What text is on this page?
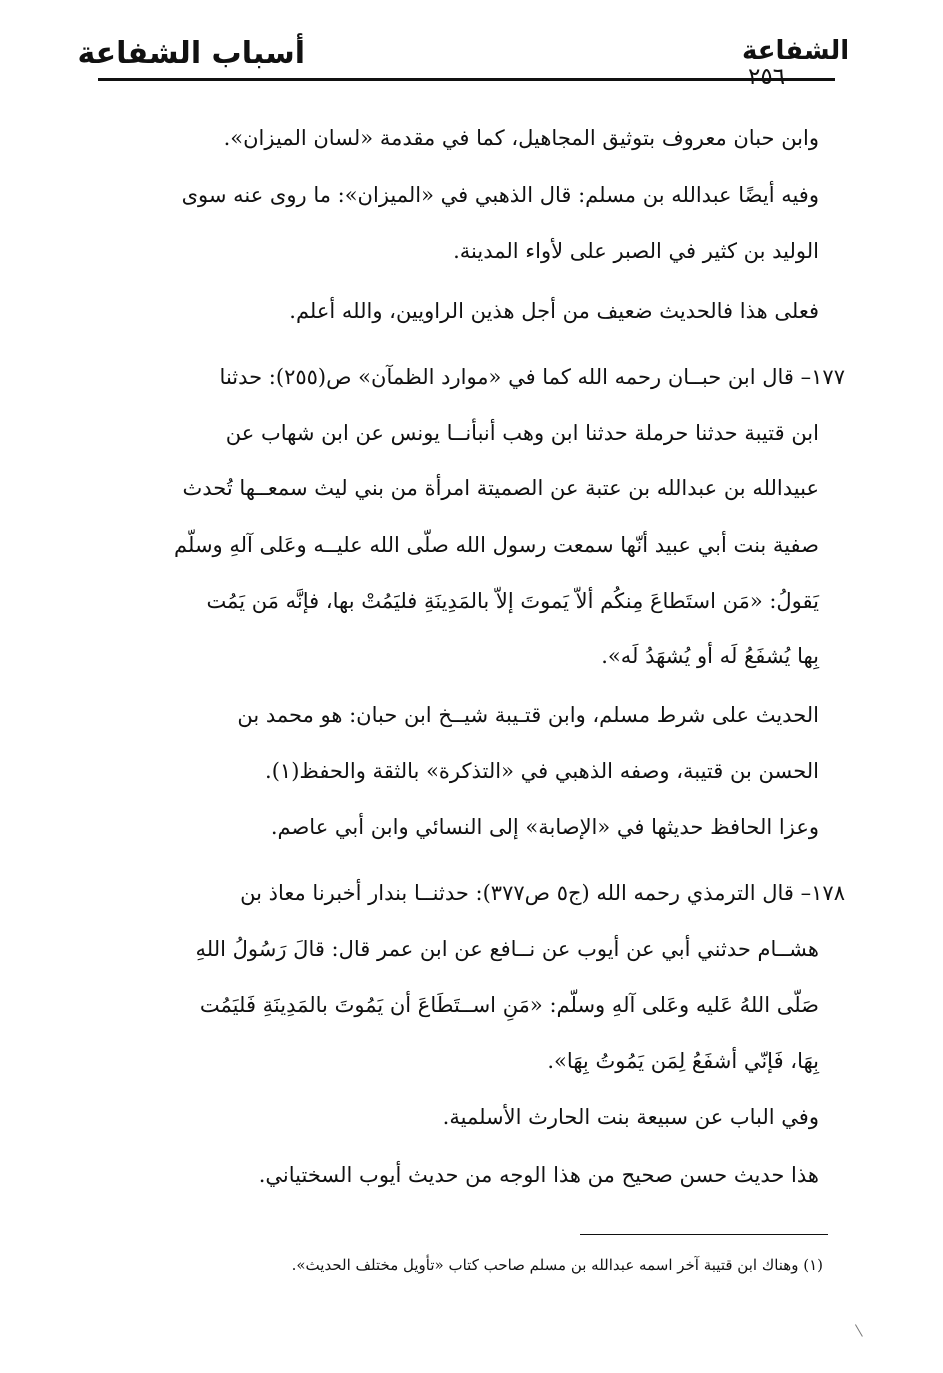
أسباب الشفاعة	الشفاعة
٢٥٦
وابن حبان معروف بتوثيق المجاهيل، كما في مقدمة «لسان الميزان».
وفيه أيضًا عبدالله بن مسلم: قال الذهبي في «الميزان»: ما روى عنه سوى
الوليد بن كثير في الصبر على لأواء المدينة.
فعلى هذا فالحديث ضعيف من أجل هذين الراويين، والله أعلم.
١٧٧– قال ابن حبــان رحمه الله كما في «موارد الظمآن» ص(٢٥٥): حدثنا
ابن قتيبة حدثنا حرملة حدثنا ابن وهب أنبأنــا يونس عن ابن شهاب عن
عبيدالله بن عبدالله بن عتبة عن الصميتة امرأة من بني ليث سمعــها تُحدث
صفية بنت أبي عبيد أنّها سمعت رسول الله صلّى الله عليــه وعَلى آلهِ وسلّم
يَقولُ: «مَن استَطاعَ مِنكُم ألاّ يَموتَ إلاّ بالمَدِينَةِ فليَمُتْ بها، فإنَّه مَن يَمُت
بِها يُشفَعُ لَه أو يُشهَدُ لَه».
الحديث على شرط مسلم، وابن قتـيبة شيــخ ابن حبان: هو محمد بن
الحسن بن قتيبة، وصفه الذهبي في «التذكرة» بالثقة والحفظ(١).
وعزا الحافظ حديثها في «الإصابة» إلى النسائي وابن أبي عاصم.
١٧٨– قال الترمذي رحمه الله (ج٥ ص٣٧٧): حدثنــا بندار أخبرنا معاذ بن
هشــام حدثني أبي عن أيوب عن نــافع عن ابن عمر قال: قالَ رَسُولُ اللهِ
صَلّى اللهُ عَليه وعَلى آلهِ وسلّم: «مَنِ اســتَطَاعَ أن يَمُوتَ بالمَدِينَةِ فَليَمُت
بِهَا، فَإنّي أشفَعُ لِمَن يَمُوتُ بِهَا».
وفي الباب عن سبيعة بنت الحارث الأسلمية.
هذا حديث حسن صحيح من هذا الوجه من حديث أيوب السختياني.
(١) وهناك ابن قتيبة آخر اسمه عبدالله بن مسلم صاحب كتاب «تأويل مختلف الحديث».
